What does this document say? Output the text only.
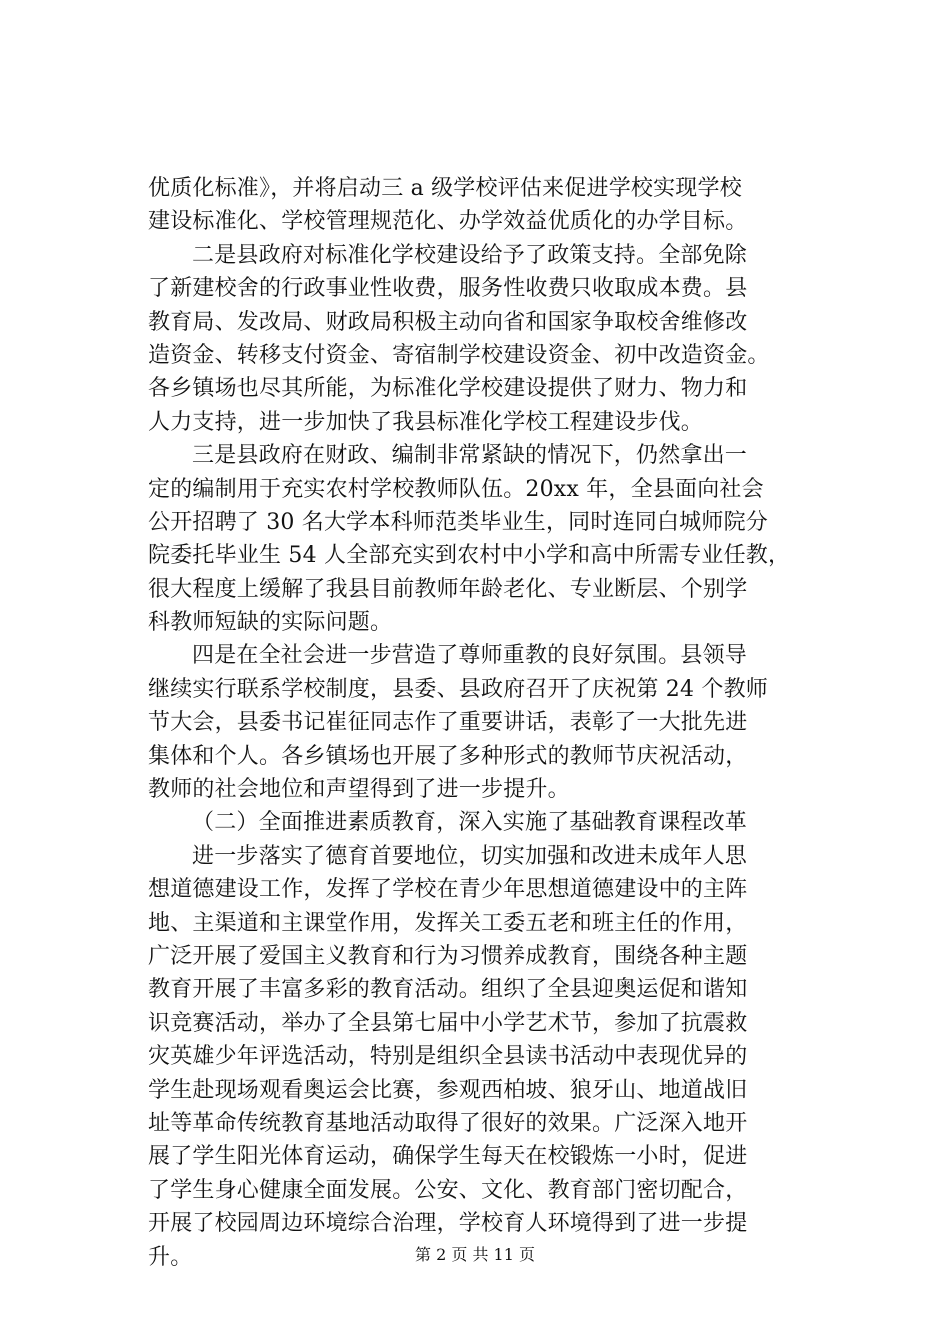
优质化标准》，并将启动三 a 级学校评估来促进学校实现学校
建设标准化、学校管理规范化、办学效益优质化的办学目标。
二是县政府对标准化学校建设给予了政策支持。全部免除
了新建校舍的行政事业性收费，服务性收费只收取成本费。县
教育局、发改局、财政局积极主动向省和国家争取校舍维修改
造资金、转移支付资金、寄宿制学校建设资金、初中改造资金。
各乡镇场也尽其所能，为标准化学校建设提供了财力、物力和
人力支持，进一步加快了我县标准化学校工程建设步伐。
三是县政府在财政、编制非常紧缺的情况下，仍然拿出一
定的编制用于充实农村学校教师队伍。20xx 年，全县面向社会
公开招聘了 30 名大学本科师范类毕业生，同时连同白城师院分
院委托毕业生 54 人全部充实到农村中小学和高中所需专业任教，
很大程度上缓解了我县目前教师年龄老化、专业断层、个别学
科教师短缺的实际问题。
四是在全社会进一步营造了尊师重教的良好氛围。县领导
继续实行联系学校制度，县委、县政府召开了庆祝第 24 个教师
节大会，县委书记崔征同志作了重要讲话，表彰了一大批先进
集体和个人。各乡镇场也开展了多种形式的教师节庆祝活动，
教师的社会地位和声望得到了进一步提升。
（二）全面推进素质教育，深入实施了基础教育课程改革
进一步落实了德育首要地位，切实加强和改进未成年人思
想道德建设工作，发挥了学校在青少年思想道德建设中的主阵
地、主渠道和主课堂作用，发挥关工委五老和班主任的作用，
广泛开展了爱国主义教育和行为习惯养成教育，围绕各种主题
教育开展了丰富多彩的教育活动。组织了全县迎奥运促和谐知
识竞赛活动，举办了全县第七届中小学艺术节，参加了抗震救
灾英雄少年评选活动，特别是组织全县读书活动中表现优异的
学生赴现场观看奥运会比赛，参观西柏坡、狼牙山、地道战旧
址等革命传统教育基地活动取得了很好的效果。广泛深入地开
展了学生阳光体育运动，确保学生每天在校锻炼一小时，促进
了学生身心健康全面发展。公安、文化、教育部门密切配合，
开展了校园周边环境综合治理，学校育人环境得到了进一步提
升。	第 2 页 共 11 页
